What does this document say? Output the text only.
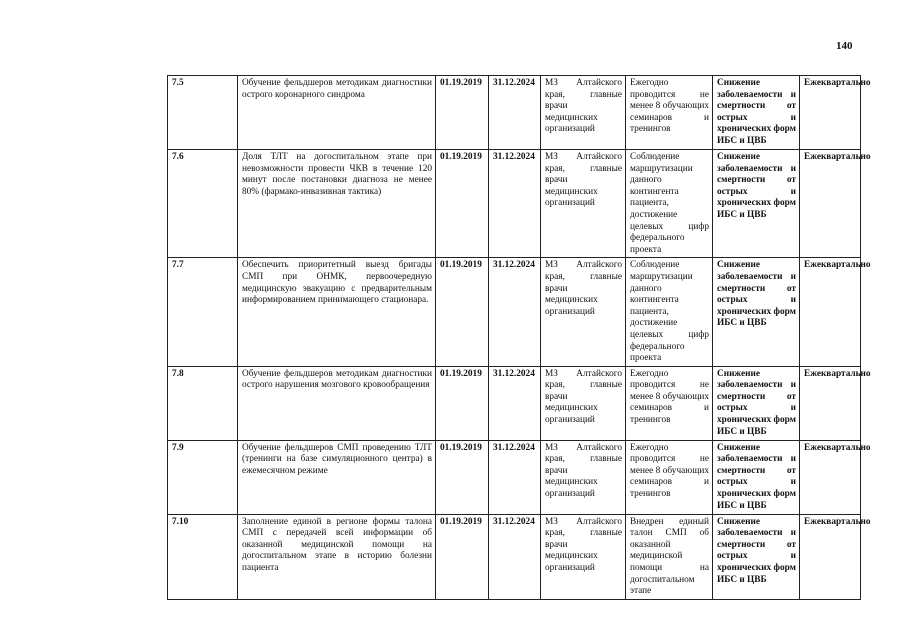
140
7.5	Обучение фельдшеров методикам диагностики острого коронарного синдрома	01.19.2019	31.12.2024	МЗ Алтайского края, главные врачи медицинских организаций	Ежегодно проводится не менее 8 обучающих семинаров и тренингов	Снижение заболеваемости и смертности от острых и хронических форм ИБС и ЦВБ	Ежеквартально
7.6	Доля ТЛТ на догоспитальном этапе при невозможности провести ЧКВ в течение 120 минут после постановки диагноза не менее 80% (фармако-инвазивная тактика)	01.19.2019	31.12.2024	МЗ Алтайского края, главные врачи медицинских организаций	Соблюдение маршрутизации данного контингента пациента, достижение целевых цифр федерального проекта	Снижение заболеваемости и смертности от острых и хронических форм ИБС и ЦВБ	Ежеквартально
7.7	Обеспечить приоритетный выезд бригады СМП при ОНМК, первоочередную медицинскую эвакуацию с предварительным информированием принимающего стационара.	01.19.2019	31.12.2024	МЗ Алтайского края, главные врачи медицинских организаций	Соблюдение маршрутизации данного контингента пациента, достижение целевых цифр федерального проекта	Снижение заболеваемости и смертности от острых и хронических форм ИБС и ЦВБ	Ежеквартально
7.8	Обучение фельдшеров методикам диагностики острого нарушения мозгового кровообращения	01.19.2019	31.12.2024	МЗ Алтайского края, главные врачи медицинских организаций	Ежегодно проводится не менее 8 обучающих семинаров и тренингов	Снижение заболеваемости и смертности от острых и хронических форм ИБС и ЦВБ	Ежеквартально
7.9	Обучение фельдшеров СМП проведению ТЛТ (тренинги на базе симуляционного центра) в ежемесячном режиме	01.19.2019	31.12.2024	МЗ Алтайского края, главные врачи медицинских организаций	Ежегодно проводится не менее 8 обучающих семинаров и тренингов	Снижение заболеваемости и смертности от острых и хронических форм ИБС и ЦВБ	Ежеквартально
7.10	Заполнение единой в регионе формы талона СМП с передачей всей информации об оказанной медицинской помощи на догоспитальном этапе в историю болезни пациента	01.19.2019	31.12.2024	МЗ Алтайского края, главные врачи медицинских организаций	Внедрен единый талон СМП об оказанной медицинской помощи на догоспитальном этапе	Снижение заболеваемости и смертности от острых и хронических форм ИБС и ЦВБ	Ежеквартально
